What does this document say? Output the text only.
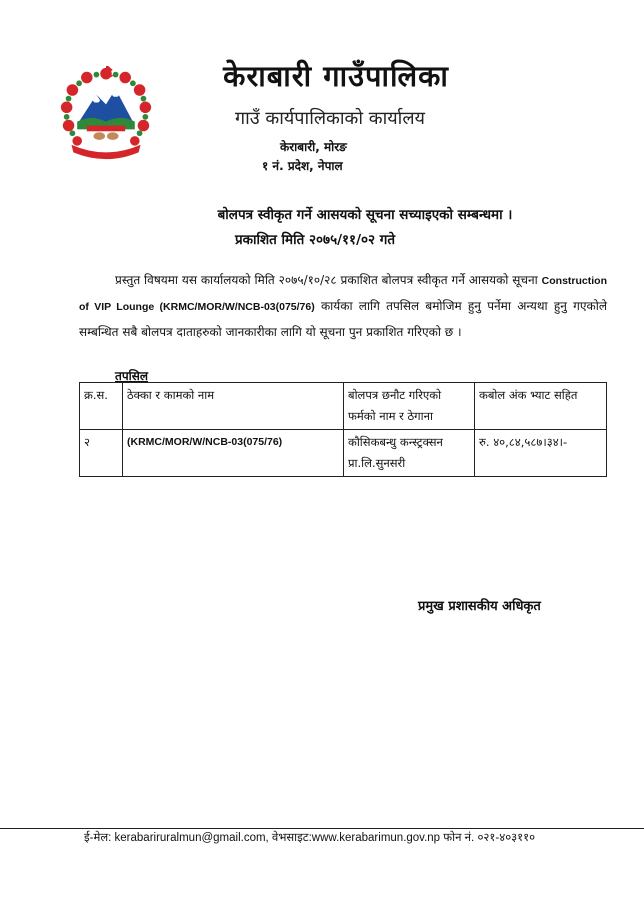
केराबारी गाउँपालिका
गाउँ कार्यपालिकाको कार्यालय
केराबारी, मोरङ
१ नं. प्रदेश, नेपाल
बोलपत्र स्वीकृत गर्ने आसयको सूचना सच्याइएको सम्बन्धमा ।
प्रकाशित मिति २०७५/११/०२ गते
प्रस्तुत विषयमा यस कार्यालयको मिति २०७५/१०/२८ प्रकाशित बोलपत्र स्वीकृत गर्ने आसयको सूचना Construction of VIP Lounge (KRMC/MOR/W/NCB-03(075/76) कार्यका लागि तपसिल बमोजिम हुनु पर्नेमा अन्यथा हुनु गएकोले सम्बन्धित सबै बोलपत्र दाताहरुको जानकारीका लागि यो सूचना पुन प्रकाशित गरिएको छ ।
तपसिल
क्र.स.	ठेक्का र कामको नाम	बोलपत्र छनौट गरिएको फर्मको नाम र ठेगाना	कबोल अंक भ्याट सहित
२	(KRMC/MOR/W/NCB-03(075/76)	कौसिकबन्धु कन्स्ट्रक्सन प्रा.लि.सुनसरी	रु. ४०,८४,५८७।३४।-
प्रमुख प्रशासकीय अधिकृत
ई-मेल: kerabariruralmun@gmail.com, वेभसाइट:www.kerabarimun.gov.np फोन नं. ०२१-४०३११०
